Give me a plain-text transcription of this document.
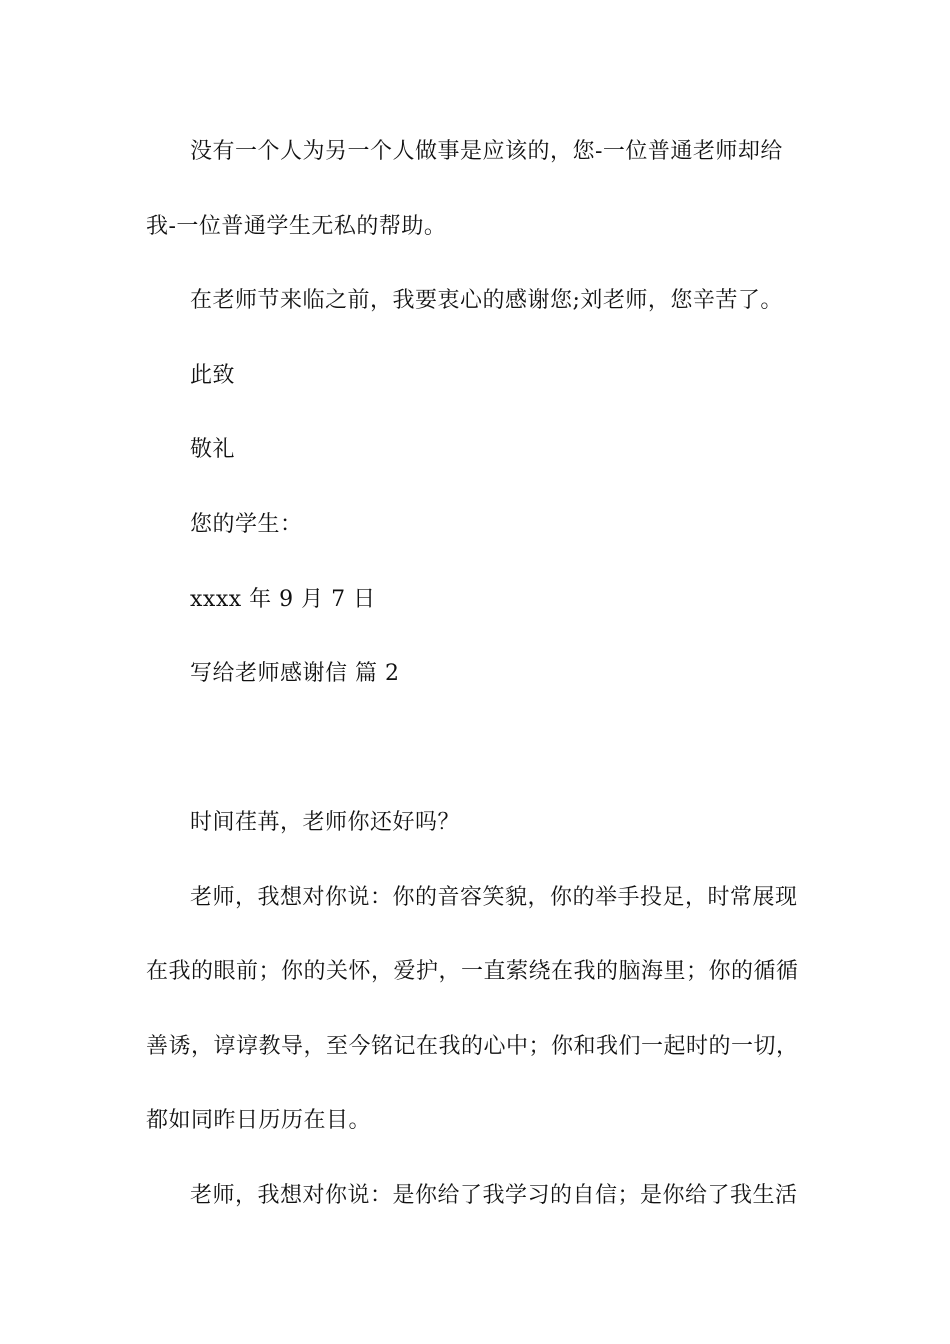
没有一个人为另一个人做事是应该的，您-一位普通老师却给
我-一位普通学生无私的帮助。
在老师节来临之前，我要衷心的感谢您;刘老师，您辛苦了。
此致
敬礼
您的学生：
xxxx 年 9 月 7 日
写给老师感谢信 篇 2
时间荏苒，老师你还好吗？
老师，我想对你说：你的音容笑貌，你的举手投足，时常展现
在我的眼前；你的关怀，爱护，一直萦绕在我的脑海里；你的循循
善诱，谆谆教导，至今铭记在我的心中；你和我们一起时的一切，
都如同昨日历历在目。
老师，我想对你说：是你给了我学习的自信；是你给了我生活
